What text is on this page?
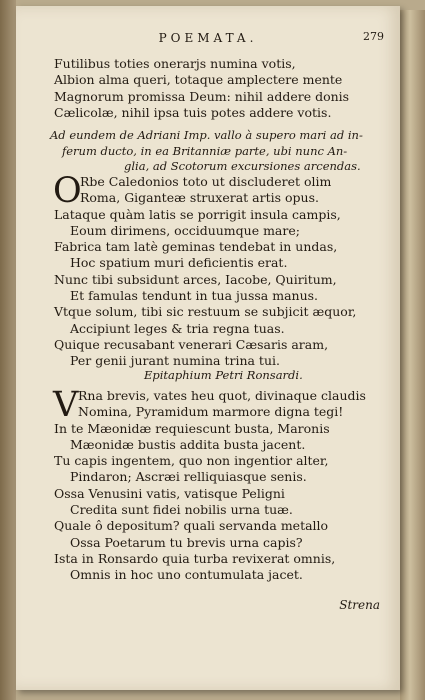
POEMATA.	279
Futilibus toties onerarjs numina votis,
Albion alma queri, totaque amplectere mente
Magnorum promissa Deum: nihil addere donis
Cælicolæ, nihil ipsa tuis potes addere votis.
Ad eundem de Adriani Imp. vallo à supero mari ad in-
ferum ducto, in ea Britanniæ parte, ubi nunc An-
glia, ad Scotorum excursiones arcendas.
O
Rbe Caledonios toto ut discluderet olim
Roma, Giganteæ struxerat artis opus.
Lataque quàm latis se porrigit insula campis,
Eoum dirimens, occiduumque mare;
Fabrica tam latè geminas tendebat in undas,
Hoc spatium muri deficientis erat.
Nunc tibi subsidunt arces, Iacobe, Quiritum,
Et famulas tendunt in tua jussa manus.
Vtque solum, tibi sic restuum se subjicit æquor,
Accipiunt leges & tria regna tuas.
Quique recusabant venerari Cæsaris aram,
Per genii jurant numina trina tui.
Epitaphium Petri Ronsardi.
V Rna brevis, vates heu quot, divinaque claudis
Nomina, Pyramidum marmore digna tegi!
In te Mæonidæ requiescunt busta, Maronis
Mæonidæ bustis addita busta jacent.
Tu capis ingentem, quo non ingentior alter,
Pindaron; Ascræi relliquiasque senis.
Ossa Venusini vatis, vatisque Peligni
Credita sunt fidei nobilis urna tuæ.
Quale ô depositum? quali servanda metallo
Ossa Poetarum tu brevis urna capis?
Ista in Ronsardo quia turba revixerat omnis,
Omnis in hoc uno contumulata jacet.
Strena
